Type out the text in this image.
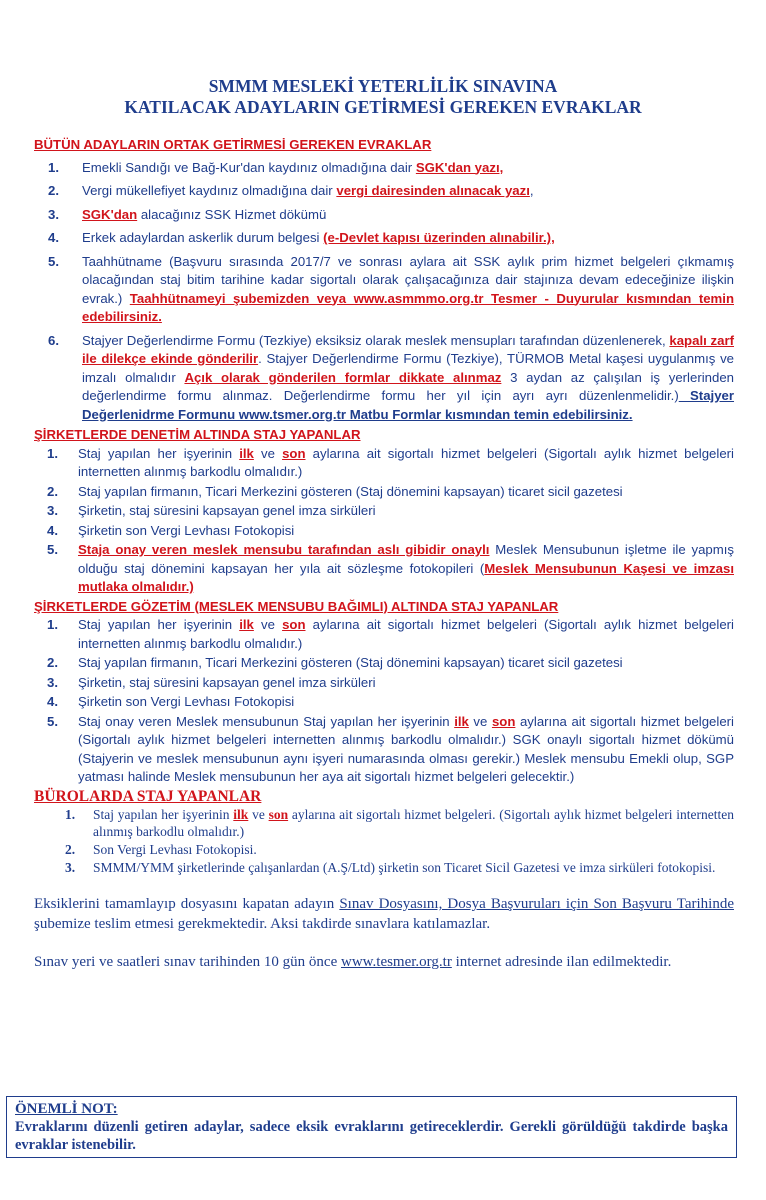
SMMM MESLEKİ YETERLİLİK SINAVINA
KATILACAK ADAYLARIN GETİRMESİ GEREKEN EVRAKLAR
BÜTÜN ADAYLARIN ORTAK GETİRMESİ GEREKEN EVRAKLAR
1. Emekli Sandığı ve Bağ-Kur'dan kaydınız olmadığına dair SGK'dan yazı,
2. Vergi mükellefiyet kaydınız olmadığına dair vergi dairesinden alınacak yazı,
3. SGK'dan alacağınız SSK Hizmet dökümü
4. Erkek adaylardan askerlik durum belgesi (e-Devlet kapısı üzerinden alınabilir.),
5. Taahhütname (Başvuru sırasında 2017/7 ve sonrası aylara ait SSK aylık prim hizmet belgeleri çıkmamış olacağından staj bitim tarihine kadar sigortalı olarak çalışacağınıza dair stajınıza devam edeceğinize ilişkin evrak.) Taahhütnameyi şubemizden veya www.asmmmo.org.tr Tesmer - Duyurular kısmından temin edebilirsiniz.
6. Stajyer Değerlendirme Formu (Tezkiye) eksiksiz olarak meslek mensupları tarafından düzenlenerek, kapalı zarf ile dilekçe ekinde gönderilir. Stajyer Değerlendirme Formu (Tezkiye), TÜRMOB Metal kaşesi uygulanmış ve imzalı olmalıdır Açık olarak gönderilen formlar dikkate alınmaz 3 aydan az çalışılan iş yerlerinden değerlendirme formu alınmaz. Değerlendirme formu her yıl için ayrı ayrı düzenlenmelidir.) Stajyer Değerlenidrme Formunu www.tsmer.org.tr Matbu Formlar kısmından temin edebilirsiniz.
ŞİRKETLERDE DENETİM ALTINDA STAJ YAPANLAR
1. Staj yapılan her işyerinin ilk ve son aylarına ait sigortalı hizmet belgeleri (Sigortalı aylık hizmet belgeleri internetten alınmış barkodlu olmalıdır.)
2. Staj yapılan firmanın, Ticari Merkezini gösteren (Staj dönemini kapsayan) ticaret sicil gazetesi
3. Şirketin, staj süresini kapsayan genel imza sirküleri
4. Şirketin son Vergi Levhası Fotokopisi
5. Staja onay veren meslek mensubu tarafından aslı gibidir onaylı Meslek Mensubunun işletme ile yapmış olduğu staj dönemini kapsayan her yıla ait sözleşme fotokopileri (Meslek Mensubunun Kaşesi ve imzası mutlaka olmalıdır.)
ŞİRKETLERDE GÖZETİM (MESLEK MENSUBU BAĞIMLI) ALTINDA STAJ YAPANLAR
1. Staj yapılan her işyerinin ilk ve son aylarına ait sigortalı hizmet belgeleri (Sigortalı aylık hizmet belgeleri internetten alınmış barkodlu olmalıdır.)
2. Staj yapılan firmanın, Ticari Merkezini gösteren (Staj dönemini kapsayan) ticaret sicil gazetesi
3. Şirketin, staj süresini kapsayan genel imza sirküleri
4. Şirketin son Vergi Levhası Fotokopisi
5. Staj onay veren Meslek mensubunun Staj yapılan her işyerinin ilk ve son aylarına ait sigortalı hizmet belgeleri (Sigortalı aylık hizmet belgeleri internetten alınmış barkodlu olmalıdır.) SGK onaylı sigortalı hizmet dökümü (Stajyerin ve meslek mensubunun aynı işyeri numarasında olması gerekir.) Meslek mensubu Emekli olup, SGP yatması halinde Meslek mensubunun her aya ait sigortalı hizmet belgeleri gelecektir.)
BÜROLARDA STAJ YAPANLAR
1. Staj yapılan her işyerinin ilk ve son aylarına ait sigortalı hizmet belgeleri. (Sigortalı aylık hizmet belgeleri internetten alınmış barkodlu olmalıdır.)
2. Son Vergi Levhası Fotokopisi.
3. SMMM/YMM şirketlerinde çalışanlardan (A.Ş/Ltd) şirketin son Ticaret Sicil Gazetesi ve imza sirküleri fotokopisi.

Eksiklerini tamamlayıp dosyasını kapatan adayın Sınav Dosyasını, Dosya Başvuruları için Son Başvuru Tarihinde şubemize teslim etmesi gerekmektedir. Aksi takdirde sınavlara katılamazlar.

Sınav yeri ve saatleri sınav tarihinden 10 gün önce www.tesmer.org.tr internet adresinde ilan edilmektedir.

ÖNEMLİ NOT:
Evraklarını düzenli getiren adaylar, sadece eksik evraklarını getireceklerdir. Gerekli görüldüğü takdirde başka evraklar istenebilir.
